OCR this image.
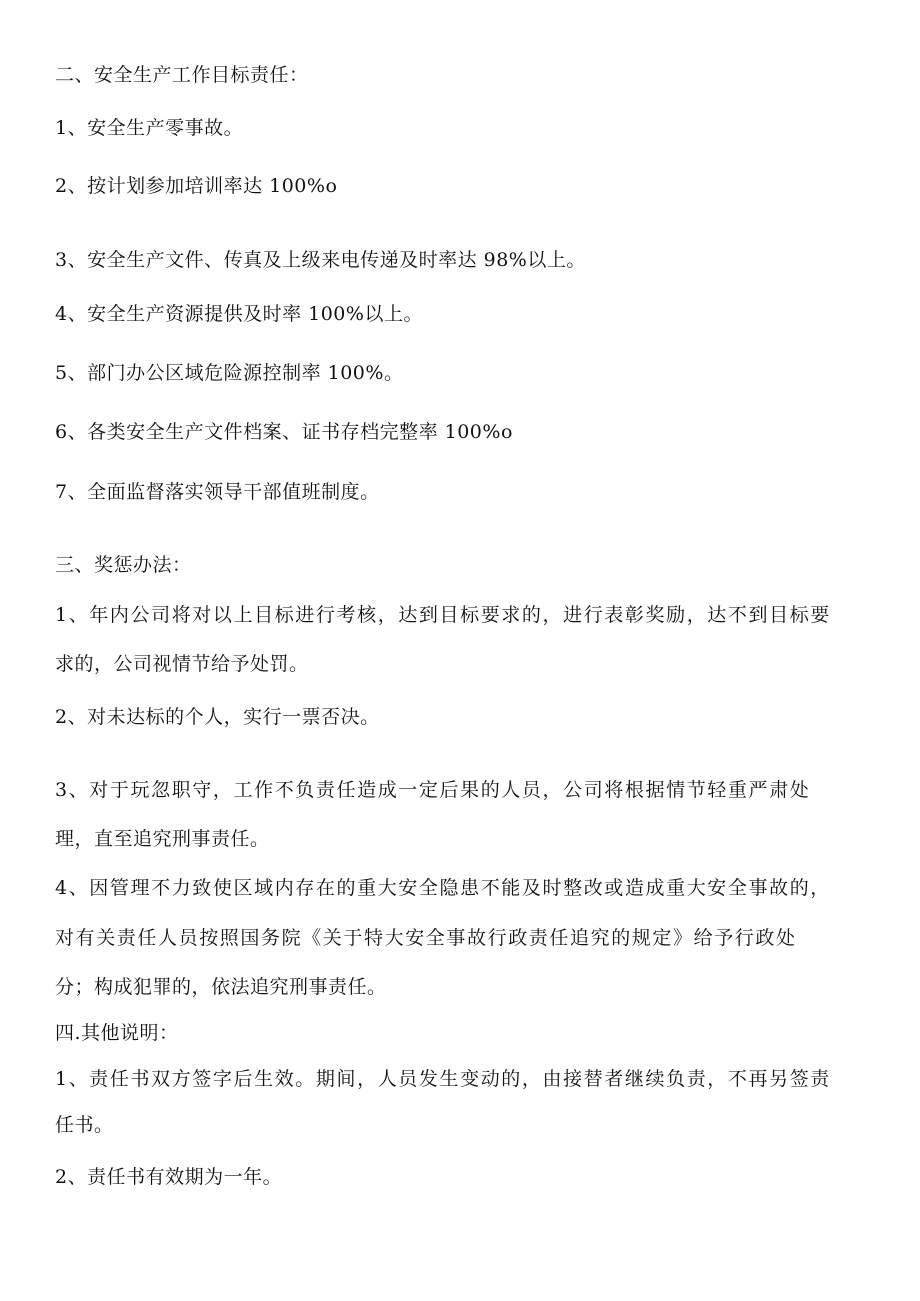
二、安全生产工作目标责任：
1、安全生产零事故。
2、按计划参加培训率达 100%o
3、安全生产文件、传真及上级来电传递及时率达 98%以上。
4、安全生产资源提供及时率 100%以上。
5、部门办公区域危险源控制率 100%。
6、各类安全生产文件档案、证书存档完整率 100%o
7、全面监督落实领导干部值班制度。
三、奖惩办法：
1、年内公司将对以上目标进行考核，达到目标要求的，进行表彰奖励，达不到目标要
求的，公司视情节给予处罚。
2、对未达标的个人，实行一票否决。
3、对于玩忽职守，工作不负责任造成一定后果的人员，公司将根据情节轻重严肃处
理，直至追究刑事责任。
4、因管理不力致使区域内存在的重大安全隐患不能及时整改或造成重大安全事故的，
对有关责任人员按照国务院《关于特大安全事故行政责任追究的规定》给予行政处
分；构成犯罪的，依法追究刑事责任。
四.其他说明：
1、责任书双方签字后生效。期间，人员发生变动的，由接替者继续负责，不再另签责
任书。
2、责任书有效期为一年。
